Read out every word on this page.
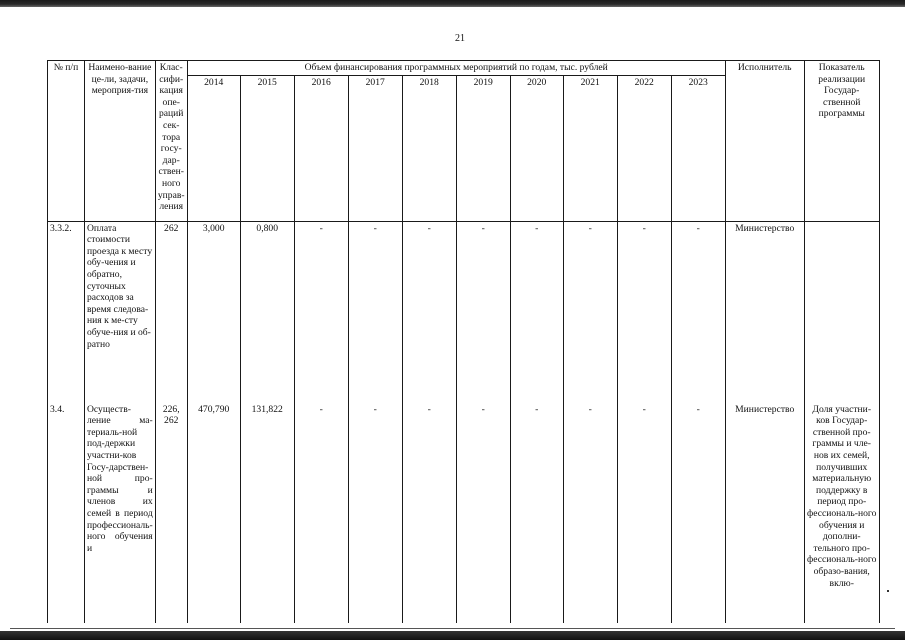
21
№ п/п	Наимено-вание це-ли, задачи, мероприя-тия	Клас-сифи-кация опе-раций сек-тора госу-дар-ствен-ного управ-ления	Объем финансирования программных мероприятий по годам, тыс. рублей										Исполнитель	Показатель реализации Государ-ственной программы
			2014	2015	2016	2017	2018	2019	2020	2021	2022	2023		
3.3.2.	Оплата стоимости проезда к месту обу-чения и обратно, суточных расходов за время следова-ния к ме-сту обуче-ния и об-ратно	262	3,000	0,800	-	-	-	-	-	-	-	-	Министерство	
3.4.	Осуществ-ление ма-териаль-ной под-держки участни-ков Госу-дарствен-ной про-граммы и членов их семей в период профессиональ-ного обучения и	226, 262	470,790	131,822	-	-	-	-	-	-	-	-	Министерство	Доля участни-ков Государ-ственной про-граммы и чле-нов их семей, получивших материальную поддержку в период про-фессиональ-ного обучения и дополни-тельного про-фессиональ-ного образо-вания, вклю-
